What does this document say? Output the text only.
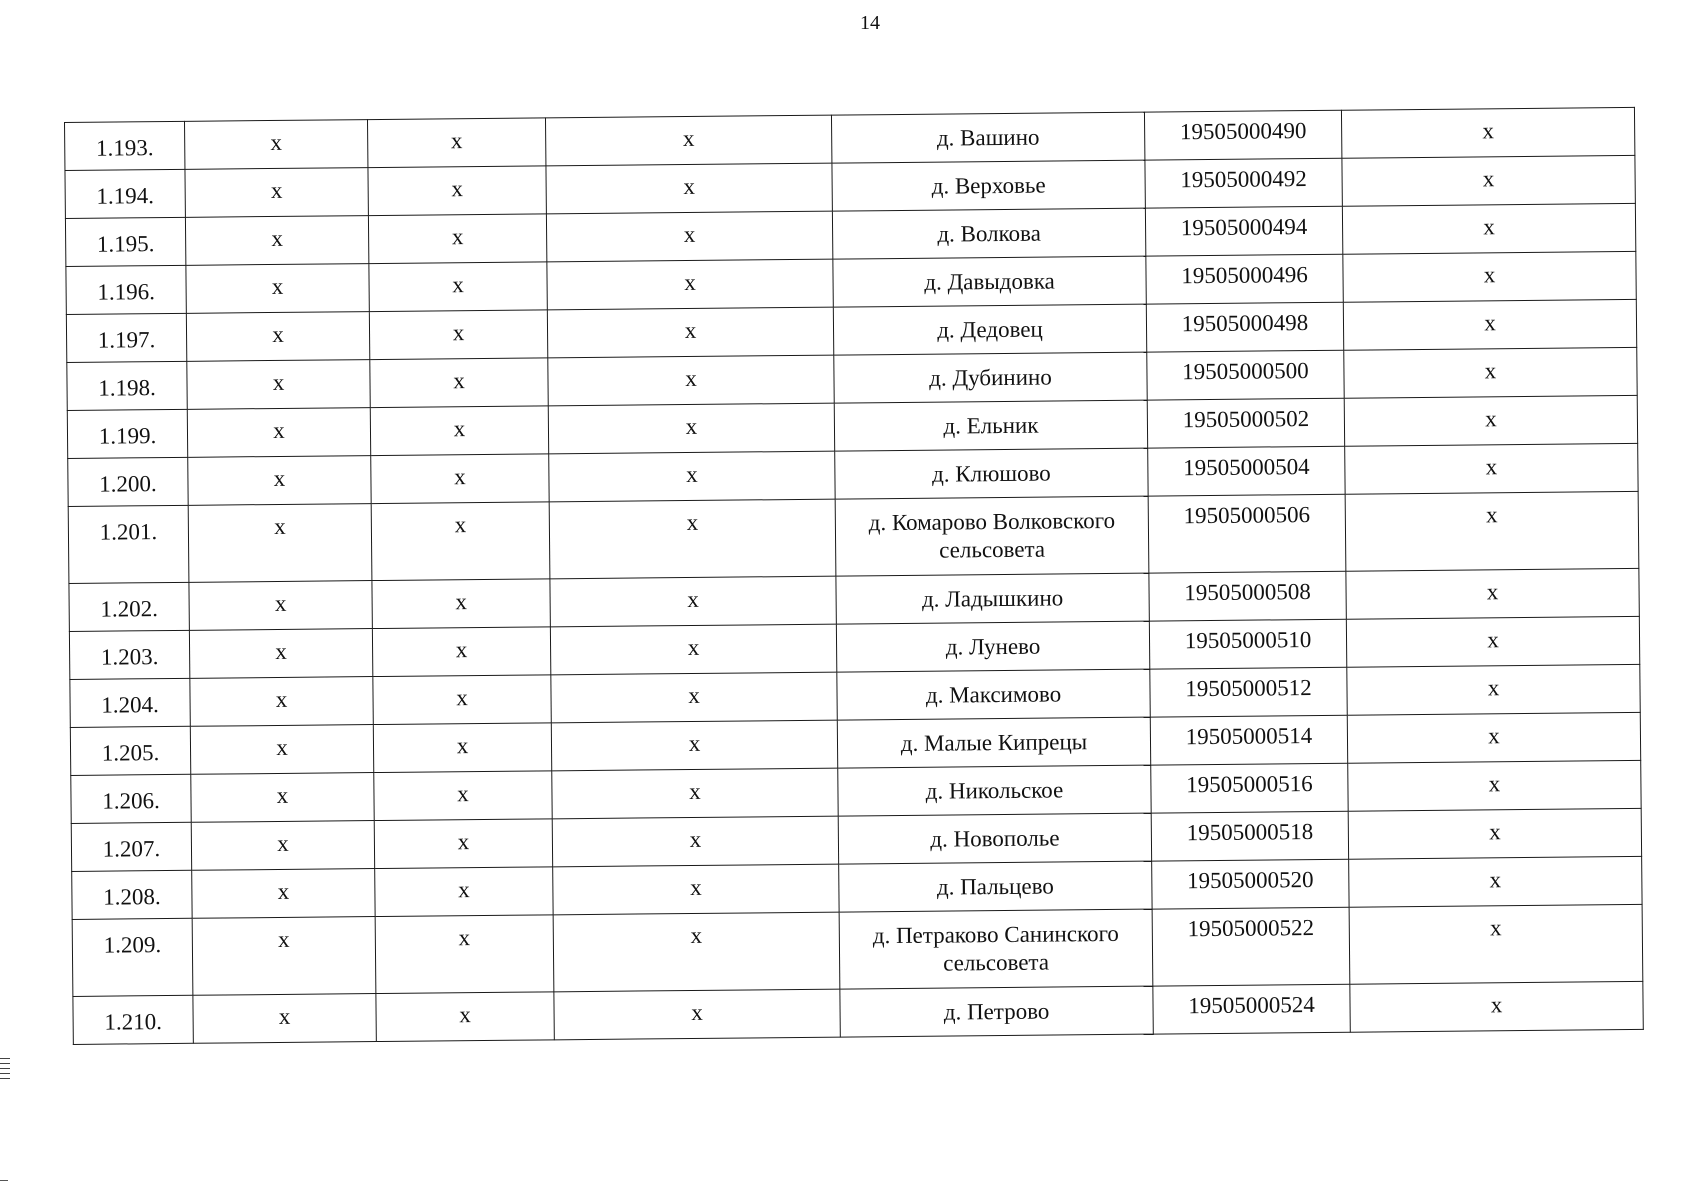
14
1.193.	x	x	x	д. Вашино	19505000490	x
1.194.	x	x	x	д. Верховье	19505000492	x
1.195.	x	x	x	д. Волкова	19505000494	x
1.196.	x	x	x	д. Давыдовка	19505000496	x
1.197.	x	x	x	д. Дедовец	19505000498	x
1.198.	x	x	x	д. Дубинино	19505000500	x
1.199.	x	x	x	д. Ельник	19505000502	x
1.200.	x	x	x	д. Клюшово	19505000504	x
1.201.	x	x	x	д. Комарово Волковского сельсовета	19505000506	x
1.202.	x	x	x	д. Ладышкино	19505000508	x
1.203.	x	x	x	д. Лунево	19505000510	x
1.204.	x	x	x	д. Максимово	19505000512	x
1.205.	x	x	x	д. Малые Кипрецы	19505000514	x
1.206.	x	x	x	д. Никольское	19505000516	x
1.207.	x	x	x	д. Новополье	19505000518	x
1.208.	x	x	x	д. Пальцево	19505000520	x
1.209.	x	x	x	д. Петраково Санинского сельсовета	19505000522	x
1.210.	x	x	x	д. Петрово	19505000524	x
